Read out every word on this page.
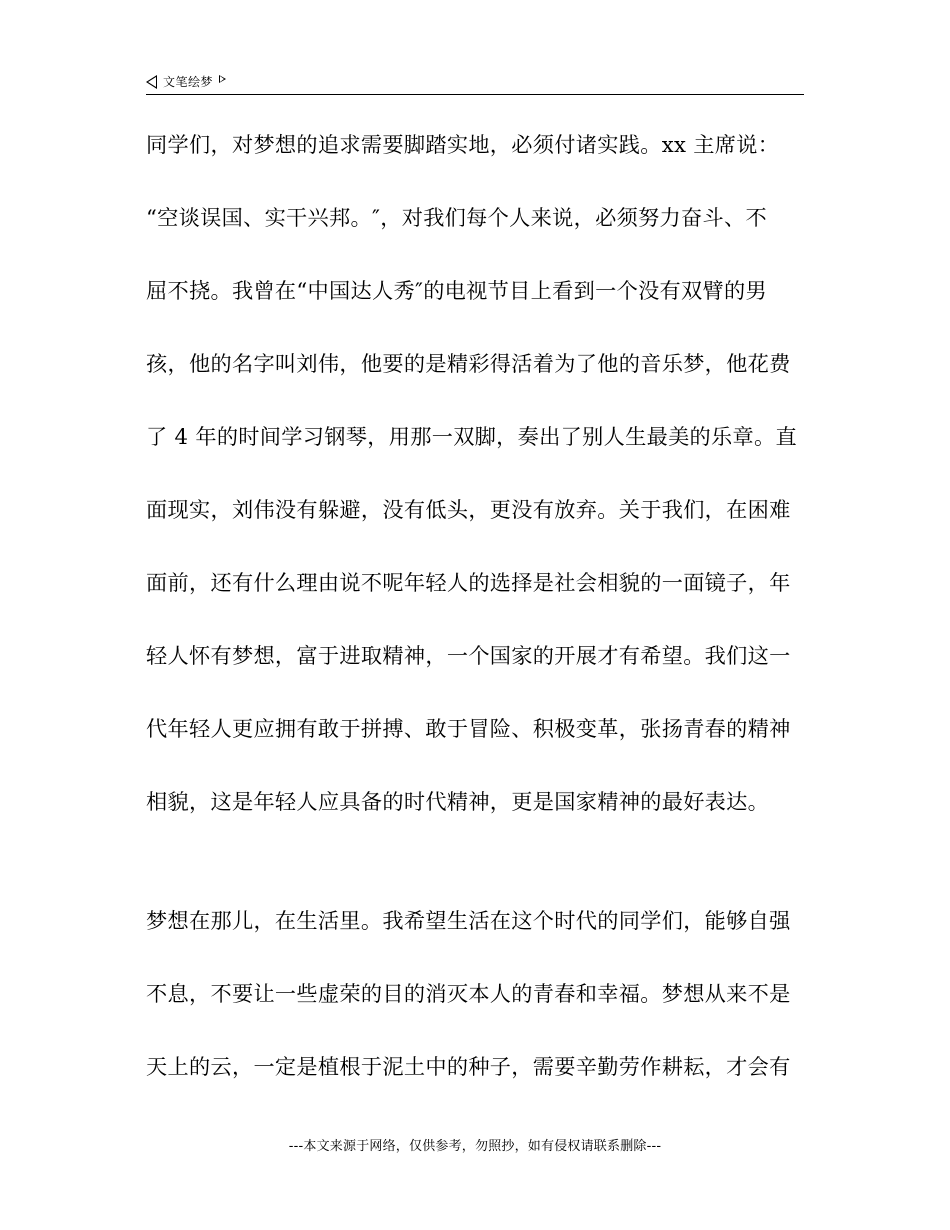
文笔绘梦
同学们，对梦想的追求需要脚踏实地，必须付诸实践。xx 主席说：
“空谈误国、实干兴邦。″，对我们每个人来说，必须努力奋斗、不
屈不挠。我曾在“中国达人秀″的电视节目上看到一个没有双臂的男
孩，他的名字叫刘伟，他要的是精彩得活着为了他的音乐梦，他花费
了 4 年的时间学习钢琴，用那一双脚，奏出了别人生最美的乐章。直
面现实，刘伟没有躲避，没有低头，更没有放弃。关于我们，在困难
面前，还有什么理由说不呢年轻人的选择是社会相貌的一面镜子，年
轻人怀有梦想，富于进取精神，一个国家的开展才有希望。我们这一
代年轻人更应拥有敢于拼搏、敢于冒险、积极变革，张扬青春的精神
相貌，这是年轻人应具备的时代精神，更是国家精神的最好表达。
梦想在那儿，在生活里。我希望生活在这个时代的同学们，能够自强
不息，不要让一些虚荣的目的消灭本人的青春和幸福。梦想从来不是
天上的云，一定是植根于泥土中的种子，需要辛勤劳作耕耘，才会有
---本文来源于网络，仅供参考，勿照抄，如有侵权请联系删除---
